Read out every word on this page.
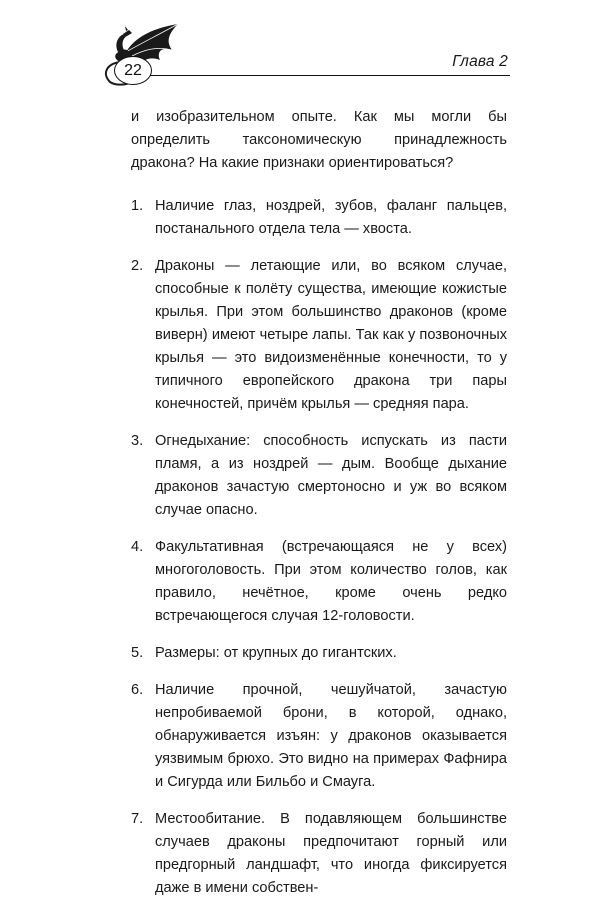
22	Глава 2

и изобразительном опыте. Как мы могли бы определить таксономическую принадлежность дракона? На какие признаки ориентироваться?

1. Наличие глаз, ноздрей, зубов, фаланг пальцев, постанального отдела тела — хвоста.
2. Драконы — летающие или, во всяком случае, способные к полёту существа, имеющие кожистые крылья. При этом большинство драконов (кроме виверн) имеют четыре лапы. Так как у позвоночных крылья — это видоизменённые конечности, то у типичного европейского дракона три пары конечностей, причём крылья — средняя пара.
3. Огнедыхание: способность испускать из пасти пламя, а из ноздрей — дым. Вообще дыхание драконов зачастую смертоносно и уж во всяком случае опасно.
4. Факультативная (встречающаяся не у всех) многоголовость. При этом количество голов, как правило, нечётное, кроме очень редко встречающегося случая 12-головости.
5. Размеры: от крупных до гигантских.
6. Наличие прочной, чешуйчатой, зачастую непробиваемой брони, в которой, однако, обнаруживается изъян: у драконов оказывается уязвимым брюхо. Это видно на примерах Фафнира и Сигурда или Бильбо и Смауга.
7. Местообитание. В подавляющем большинстве случаев драконы предпочитают горный или предгорный ландшафт, что иногда фиксируется даже в имени собствен-
